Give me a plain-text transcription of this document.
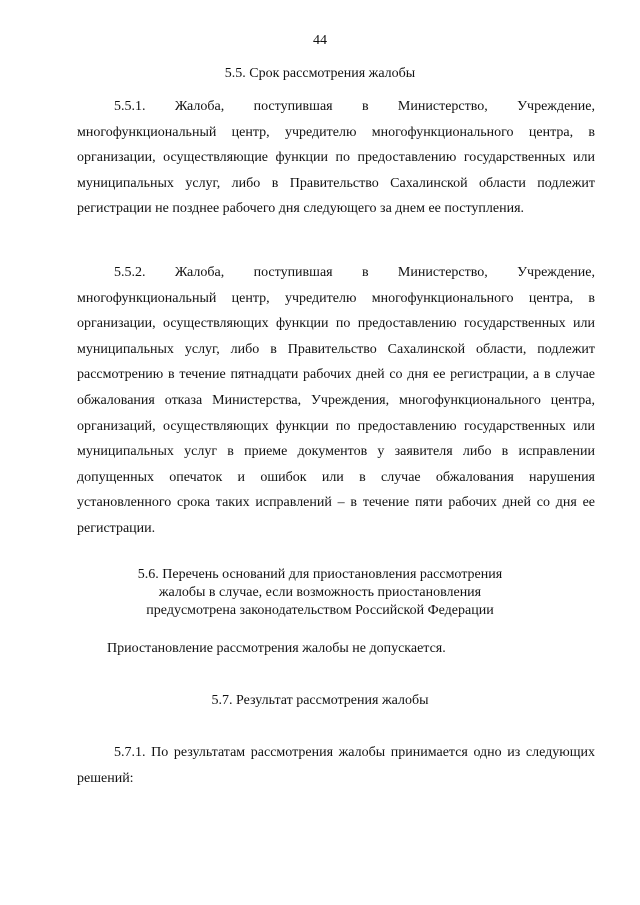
44
5.5. Срок рассмотрения жалобы

5.5.1. Жалоба, поступившая в Министерство, Учреждение, многофункциональный центр, учредителю многофункционального центра, в организации, осуществляющие функции по предоставлению государственных или муниципальных услуг, либо в Правительство Сахалинской области подлежит регистрации не позднее рабочего дня следующего за днем ее поступления.

5.5.2. Жалоба, поступившая в Министерство, Учреждение, многофункциональный центр, учредителю многофункционального центра, в организации, осуществляющих функции по предоставлению государственных или муниципальных услуг, либо в Правительство Сахалинской области, подлежит рассмотрению в течение пятнадцати рабочих дней со дня ее регистрации, а в случае обжалования отказа Министерства, Учреждения, многофункционального центра, организаций, осуществляющих функции по предоставлению государственных или муниципальных услуг в приеме документов у заявителя либо в исправлении допущенных опечаток и ошибок или в случае обжалования нарушения установленного срока таких исправлений – в течение пяти рабочих дней со дня ее регистрации.

5.6. Перечень оснований для приостановления рассмотрения
жалобы в случае, если возможность приостановления
предусмотрена законодательством Российской Федерации

Приостановление рассмотрения жалобы не допускается.

5.7. Результат рассмотрения жалобы

5.7.1. По результатам рассмотрения жалобы принимается одно из следующих решений:
